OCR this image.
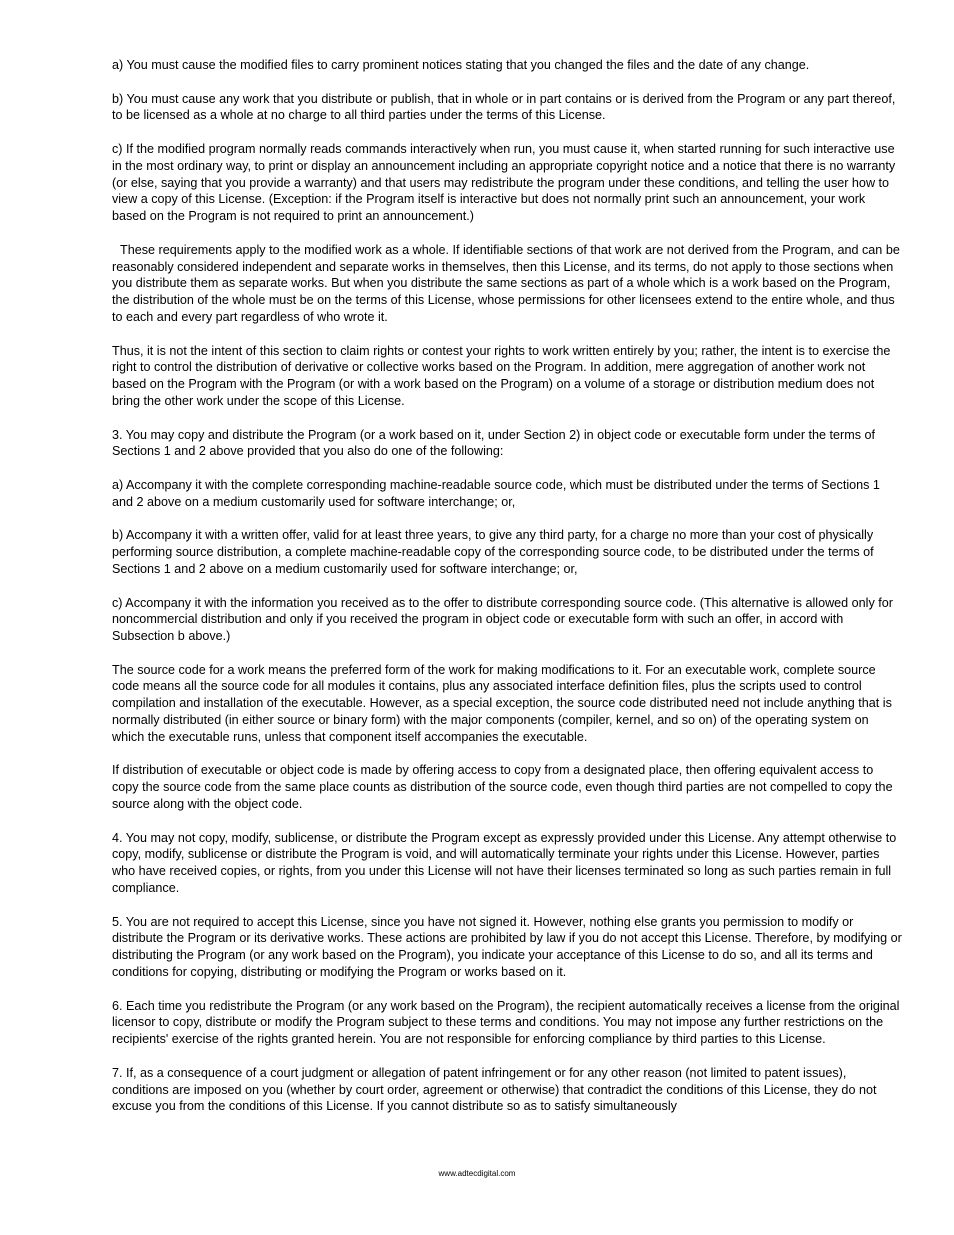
a) You must cause the modified files to carry prominent notices stating that you changed the files and the date of any change.

b) You must cause any work that you distribute or publish, that in whole or in part contains or is derived from the Program or any part thereof, to be licensed as a whole at no charge to all third parties under the terms of this License.

c) If the modified program normally reads commands interactively when run, you must cause it, when started running for such interactive use in the most ordinary way, to print or display an announcement including an appropriate copyright notice and a notice that there is no warranty (or else, saying that you provide a warranty) and that users may redistribute the program under these conditions, and telling the user how to view a copy of this License. (Exception: if the Program itself is interactive but does not normally print such an announcement, your work based on the Program is not required to print an announcement.)

These requirements apply to the modified work as a whole. If identifiable sections of that work are not derived from the Program, and can be reasonably considered independent and separate works in themselves, then this License, and its terms, do not apply to those sections when you distribute them as separate works. But when you distribute the same sections as part of a whole which is a work based on the Program, the distribution of the whole must be on the terms of this License, whose permissions for other licensees extend to the entire whole, and thus to each and every part regardless of who wrote it.

Thus, it is not the intent of this section to claim rights or contest your rights to work written entirely by you; rather, the intent is to exercise the right to control the distribution of derivative or collective works based on the Program. In addition, mere aggregation of another work not based on the Program with the Program (or with a work based on the Program) on a volume of a storage or distribution medium does not bring the other work under the scope of this License.

3. You may copy and distribute the Program (or a work based on it, under Section 2) in object code or executable form under the terms of Sections 1 and 2 above provided that you also do one of the following:

a) Accompany it with the complete corresponding machine-readable source code, which must be distributed under the terms of Sections 1 and 2 above on a medium customarily used for software interchange; or,

b) Accompany it with a written offer, valid for at least three years, to give any third party, for a charge no more than your cost of physically performing source distribution, a complete machine-readable copy of the corresponding source code, to be distributed under the terms of Sections 1 and 2 above on a medium customarily used for software interchange; or,

c) Accompany it with the information you received as to the offer to distribute corresponding source code. (This alternative is allowed only for noncommercial distribution and only if you received the program in object code or executable form with such an offer, in accord with Subsection b above.)

The source code for a work means the preferred form of the work for making modifications to it. For an executable work, complete source code means all the source code for all modules it contains, plus any associated interface definition files, plus the scripts used to control compilation and installation of the executable. However, as a special exception, the source code distributed need not include anything that is normally distributed (in either source or binary form) with the major components (compiler, kernel, and so on) of the operating system on which the executable runs, unless that component itself accompanies the executable.

If distribution of executable or object code is made by offering access to copy from a designated place, then offering equivalent access to copy the source code from the same place counts as distribution of the source code, even though third parties are not compelled to copy the source along with the object code.

4. You may not copy, modify, sublicense, or distribute the Program except as expressly provided under this License. Any attempt otherwise to copy, modify, sublicense or distribute the Program is void, and will automatically terminate your rights under this License. However, parties who have received copies, or rights, from you under this License will not have their licenses terminated so long as such parties remain in full compliance.

5. You are not required to accept this License, since you have not signed it. However, nothing else grants you permission to modify or distribute the Program or its derivative works. These actions are prohibited by law if you do not accept this License. Therefore, by modifying or distributing the Program (or any work based on the Program), you indicate your acceptance of this License to do so, and all its terms and conditions for copying, distributing or modifying the Program or works based on it.

6. Each time you redistribute the Program (or any work based on the Program), the recipient automatically receives a license from the original licensor to copy, distribute or modify the Program subject to these terms and conditions. You may not impose any further restrictions on the recipients' exercise of the rights granted herein. You are not responsible for enforcing compliance by third parties to this License.

7. If, as a consequence of a court judgment or allegation of patent infringement or for any other reason (not limited to patent issues), conditions are imposed on you (whether by court order, agreement or otherwise) that contradict the conditions of this License, they do not excuse you from the conditions of this License. If you cannot distribute so as to satisfy simultaneously

www.adtecdigital.com
